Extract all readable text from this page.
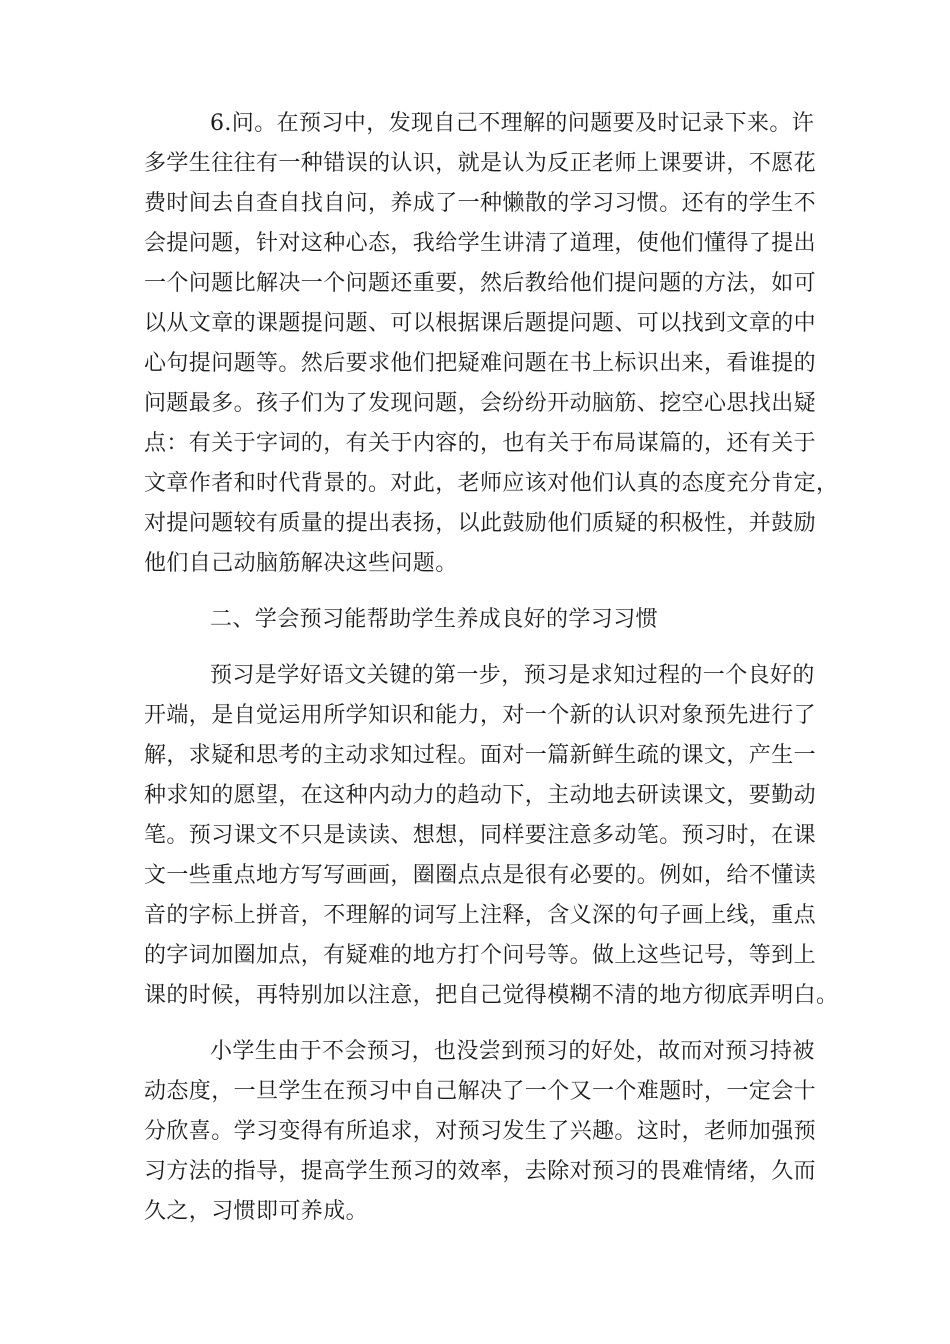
6.问。在预习中，发现自己不理解的问题要及时记录下来。许
多学生往往有一种错误的认识，就是认为反正老师上课要讲，不愿花
费时间去自查自找自问，养成了一种懒散的学习习惯。还有的学生不
会提问题，针对这种心态，我给学生讲清了道理，使他们懂得了提出
一个问题比解决一个问题还重要，然后教给他们提问题的方法，如可
以从文章的课题提问题、可以根据课后题提问题、可以找到文章的中
心句提问题等。然后要求他们把疑难问题在书上标识出来，看谁提的
问题最多。孩子们为了发现问题，会纷纷开动脑筋、挖空心思找出疑
点：有关于字词的，有关于内容的，也有关于布局谋篇的，还有关于
文章作者和时代背景的。对此，老师应该对他们认真的态度充分肯定，
对提问题较有质量的提出表扬，以此鼓励他们质疑的积极性，并鼓励
他们自己动脑筋解决这些问题。

二、学会预习能帮助学生养成良好的学习习惯

预习是学好语文关键的第一步，预习是求知过程的一个良好的
开端，是自觉运用所学知识和能力，对一个新的认识对象预先进行了
解，求疑和思考的主动求知过程。面对一篇新鲜生疏的课文，产生一
种求知的愿望，在这种内动力的趋动下，主动地去研读课文，要勤动
笔。预习课文不只是读读、想想，同样要注意多动笔。预习时，在课
文一些重点地方写写画画，圈圈点点是很有必要的。例如，给不懂读
音的字标上拼音，不理解的词写上注释，含义深的句子画上线，重点
的字词加圈加点，有疑难的地方打个问号等。做上这些记号，等到上
课的时候，再特别加以注意，把自己觉得模糊不清的地方彻底弄明白。
小学生由于不会预习，也没尝到预习的好处，故而对预习持被
动态度，一旦学生在预习中自己解决了一个又一个难题时，一定会十
分欣喜。学习变得有所追求，对预习发生了兴趣。这时，老师加强预
习方法的指导，提高学生预习的效率，去除对预习的畏难情绪，久而
久之，习惯即可养成。
